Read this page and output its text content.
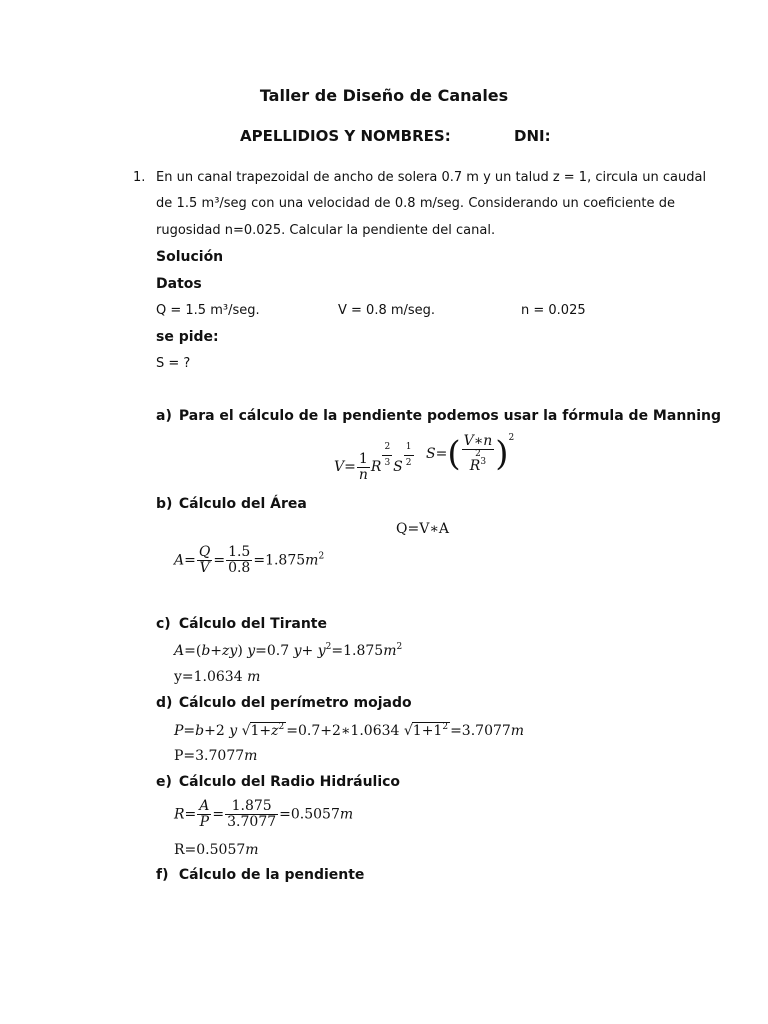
Taller de Diseño de Canales
APELLIDIOS Y NOMBRES:	DNI:
1. En un canal trapezoidal de ancho de solera 0.7 m y un talud z = 1, circula un caudal
de 1.5 m³/seg con una velocidad de 0.8 m/seg. Considerando un coeficiente de
rugosidad n=0.025. Calcular la pendiente del canal.
Solución
Datos
Q = 1.5 m³/seg.	V = 0.8 m/seg.	n = 0.025
se pide:
S = ?
a) Para el cálculo de la pendiente podemos usar la fórmula de Manning
$V= \frac{1}{n}$ R $\frac{2}{3}$ S $\frac{1}{2} S=$( V∗n
2
$R^3$ )$^2$
b) Cálculo del Área
Q=V∗A
$A= \frac{Q}{V} = \frac{1.5}{0.8} =1.875m^2$
c) Cálculo del Tirante
A=(b+zy) y=0.7 $y+ y^2=1.875m^2$
y=1.0634 m
d) Cálculo del perímetro mojado
P=b+2 y $√1+z^2$ =0.7+2∗1.0634 $√1+1^2 =3.7077m$
P=3.7077m
e) Cálculo del Radio Hidráulico
$R= \frac{A}{P} = \frac{1.875}{3.7077} =0.5057m$
R=0.5057m
f) Cálculo de la pendiente
